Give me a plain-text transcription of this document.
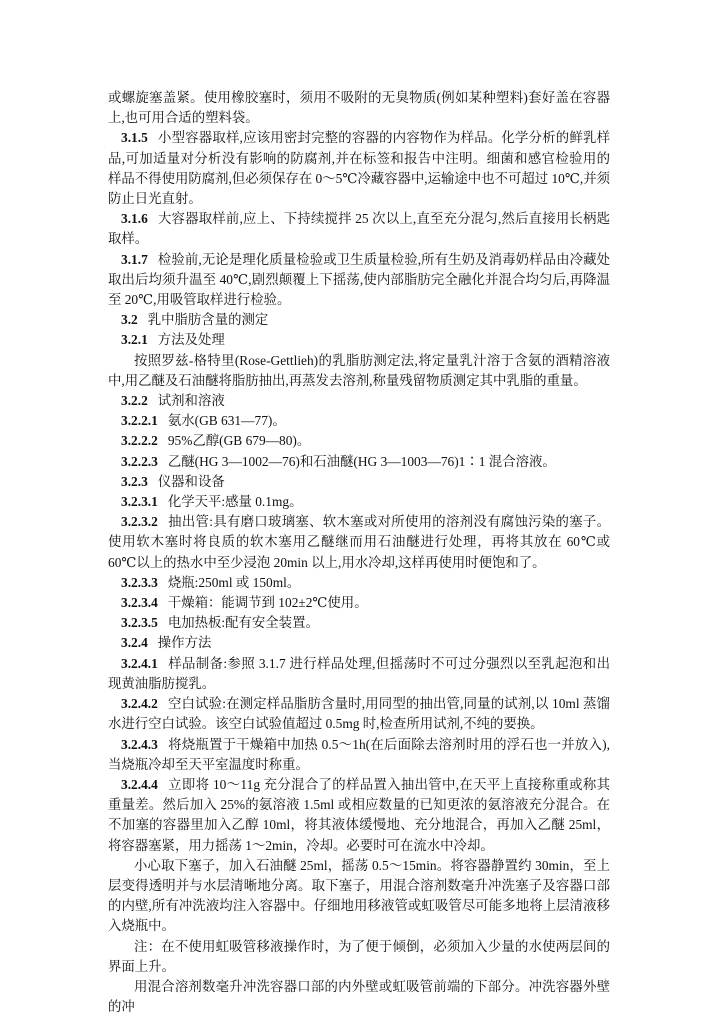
或螺旋塞盖紧。使用橡胶塞时，须用不吸附的无臭物质(例如某种塑料)套好盖在容器上,也可用合适的塑料袋。

3.1.5 小型容器取样,应该用密封完整的容器的内容物作为样品。化学分析的鲜乳样品,可加适量对分析没有影响的防腐剂,并在标签和报告中注明。细菌和感官检验用的样品不得使用防腐剂,但必须保存在 0～5℃冷藏容器中,运输途中也不可超过 10℃,并须防止日光直射。

3.1.6 大容器取样前,应上、下持续搅拌 25 次以上,直至充分混匀,然后直接用长柄匙取样。

3.1.7 检验前,无论是理化质量检验或卫生质量检验,所有生奶及消毒奶样品由冷藏处取出后均须升温至 40℃,剧烈颠覆上下摇荡,使内部脂肪完全融化并混合均匀后,再降温至 20℃,用吸管取样进行检验。

3.2 乳中脂肪含量的测定

3.2.1 方法及处理

按照罗兹-格特里(Rose-Gettlieh)的乳脂肪测定法,将定量乳汁溶于含氨的酒精溶液中,用乙醚及石油醚将脂肪抽出,再蒸发去溶剂,称量残留物质测定其中乳脂的重量。

3.2.2 试剂和溶液

3.2.2.1 氨水(GB 631—77)。

3.2.2.2 95%乙醇(GB 679—80)。

3.2.2.3 乙醚(HG 3—1002—76)和石油醚(HG 3—1003—76)1∶1 混合溶液。

3.2.3 仪器和设备

3.2.3.1 化学天平:感量 0.1mg。

3.2.3.2 抽出管:具有磨口玻璃塞、软木塞或对所使用的溶剂没有腐蚀污染的塞子。使用软木塞时将良质的软木塞用乙醚继而用石油醚进行处理，再将其放在 60℃或 60℃以上的热水中至少浸泡 20min 以上,用水冷却,这样再使用时便饱和了。

3.2.3.3 烧瓶:250ml 或 150ml。

3.2.3.4 干燥箱：能调节到 102±2℃使用。

3.2.3.5 电加热板:配有安全装置。

3.2.4 操作方法

3.2.4.1 样品制备:参照 3.1.7 进行样品处理,但摇荡时不可过分强烈以至乳起泡和出现黄油脂肪搅乳。

3.2.4.2 空白试验:在测定样品脂肪含量时,用同型的抽出管,同量的试剂,以 10ml 蒸馏水进行空白试验。该空白试验值超过 0.5mg 时,检查所用试剂,不纯的要换。

3.2.4.3 将烧瓶置于干燥箱中加热 0.5～1h(在后面除去溶剂时用的浮石也一并放入),当烧瓶冷却至天平室温度时称重。

3.2.4.4 立即将 10～11g 充分混合了的样品置入抽出管中,在天平上直接称重或称其重量差。然后加入 25%的氨溶液 1.5ml 或相应数量的已知更浓的氨溶液充分混合。在不加塞的容器里加入乙醇 10ml，将其液体缓慢地、充分地混合，再加入乙醚 25ml，将容器塞紧，用力摇荡 1～2min，冷却。必要时可在流水中冷却。

小心取下塞子，加入石油醚 25ml，摇荡 0.5～15min。将容器静置约 30min，至上层变得透明并与水层清晰地分离。取下塞子，用混合溶剂数毫升冲洗塞子及容器口部的内壁,所有冲洗液均注入容器中。仔细地用移液管或虹吸管尽可能多地将上层清液移入烧瓶中。

注：在不使用虹吸管移液操作时，为了便于倾倒，必须加入少量的水使两层间的界面上升。

用混合溶剂数毫升冲洗容器口部的内外壁或虹吸管前端的下部分。冲洗容器外壁的冲
